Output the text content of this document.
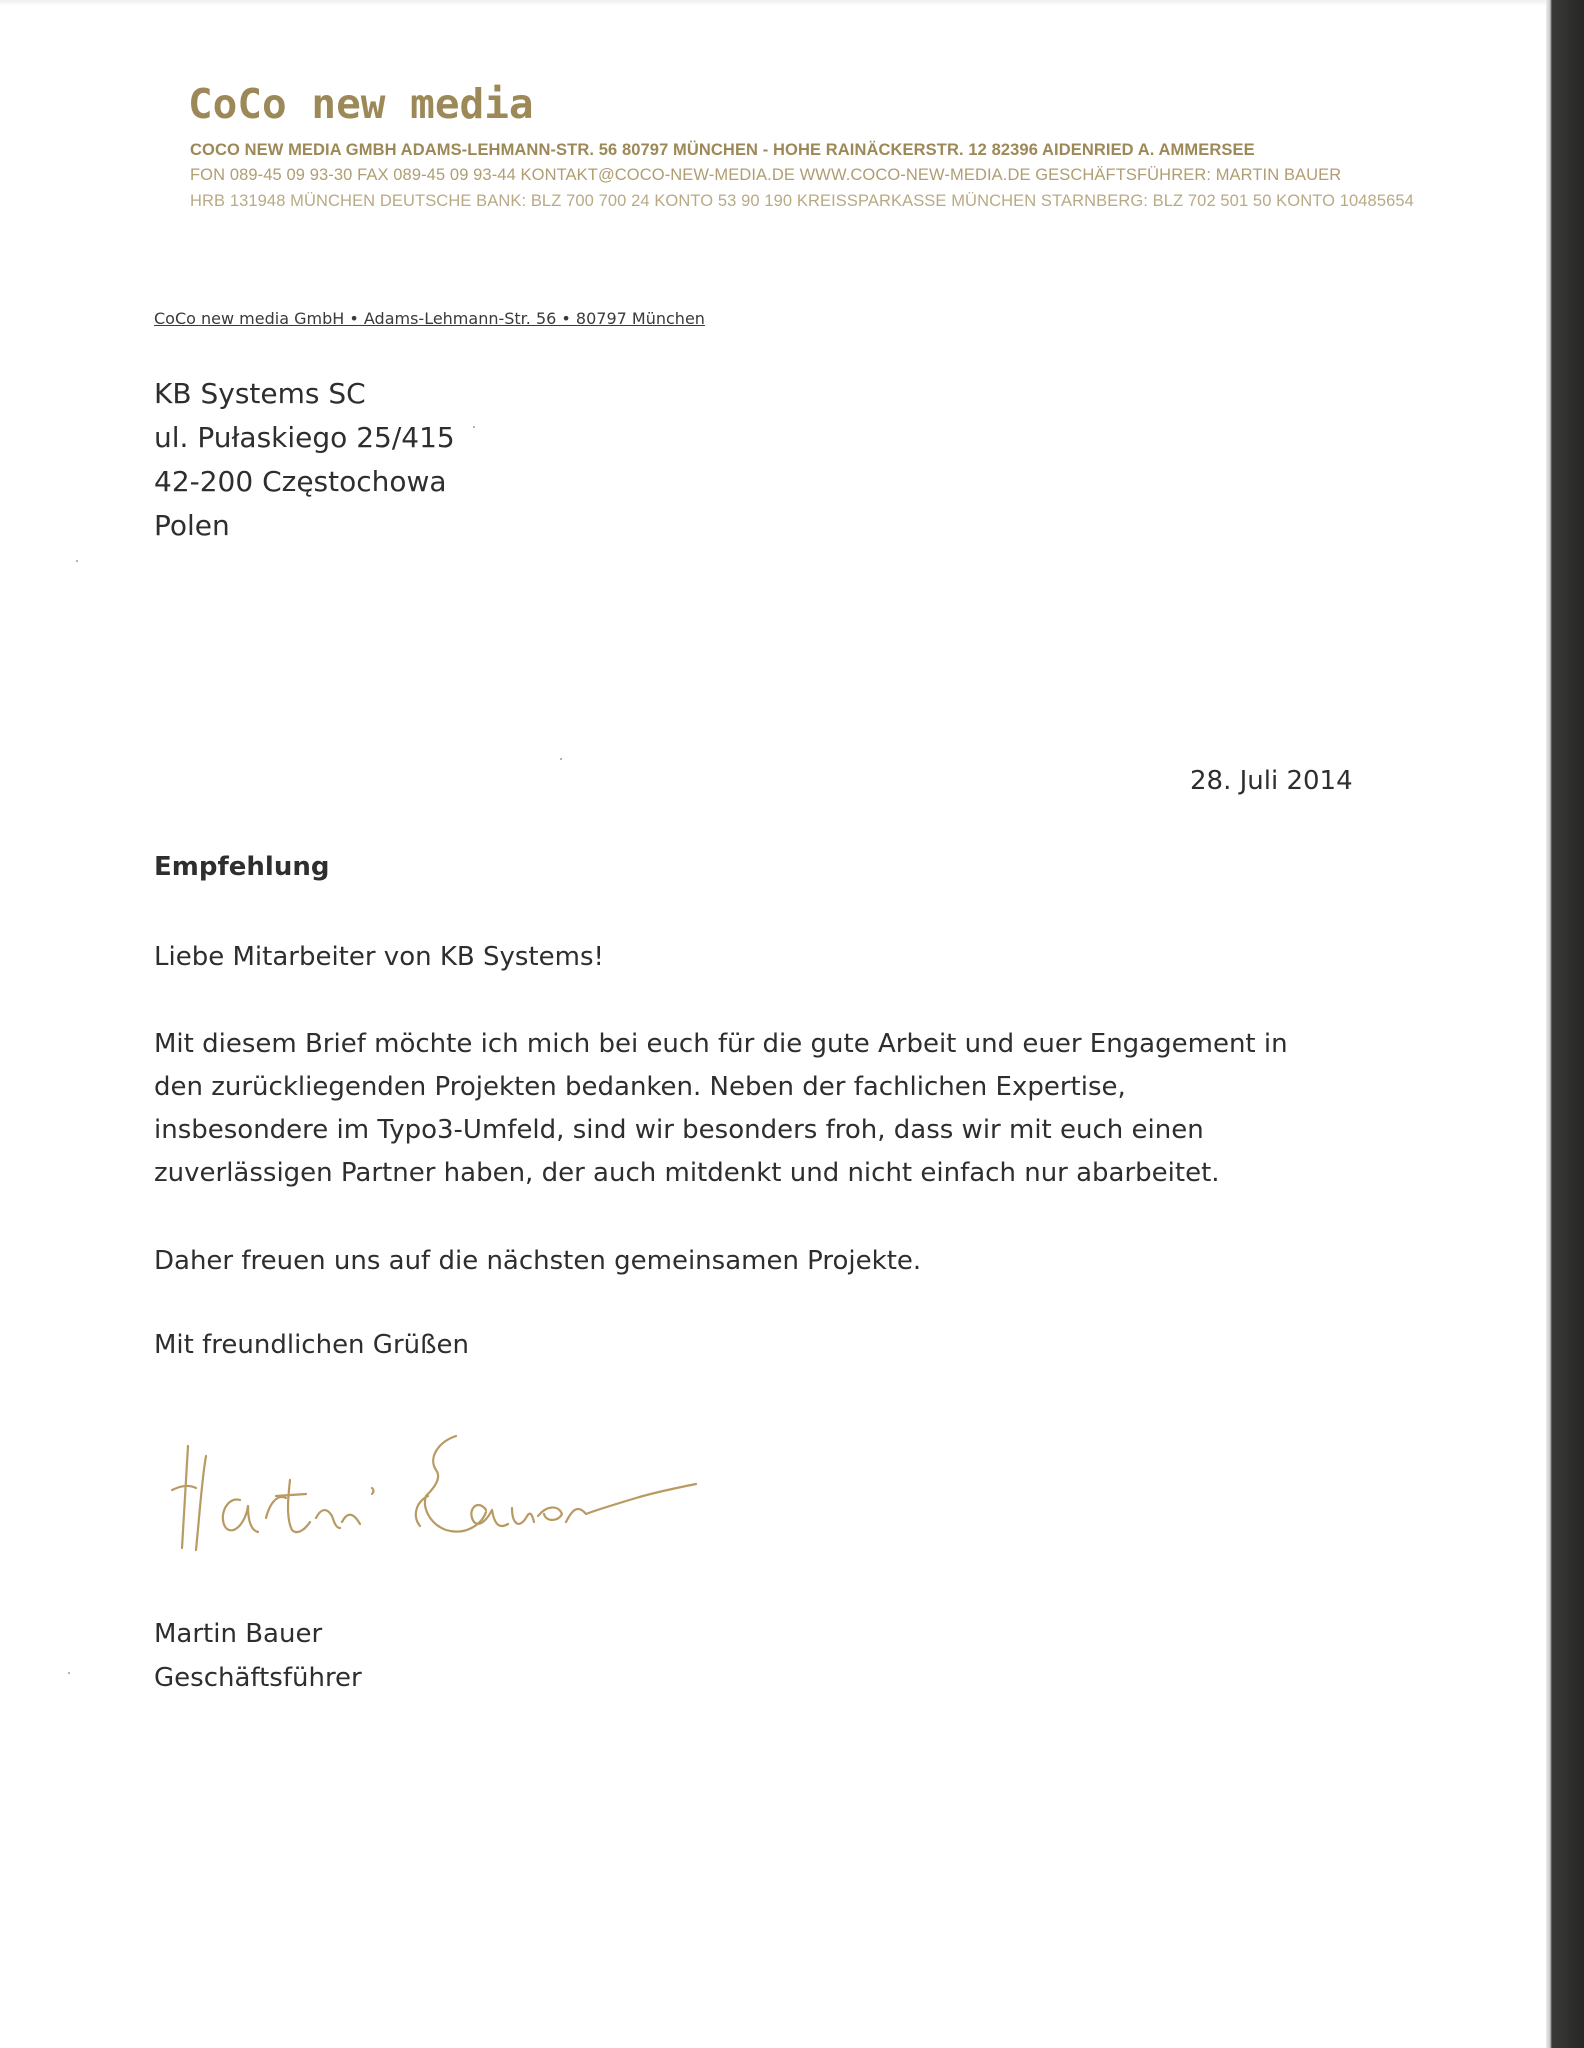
CoCo new media
COCO NEW MEDIA GMBH ADAMS-LEHMANN-STR. 56 80797 MÜNCHEN - HOHE RAINÄCKERSTR. 12 82396 AIDENRIED A. AMMERSEE
FON 089-45 09 93-30 FAX 089-45 09 93-44 KONTAKT@COCO-NEW-MEDIA.DE WWW.COCO-NEW-MEDIA.DE GESCHÄFTSFÜHRER: MARTIN BAUER
HRB 131948 MÜNCHEN DEUTSCHE BANK: BLZ 700 700 24 KONTO 53 90 190 KREISSPARKASSE MÜNCHEN STARNBERG: BLZ 702 501 50 KONTO 10485654
CoCo new media GmbH • Adams-Lehmann-Str. 56 • 80797 München
KB Systems SC
ul. Pułaskiego 25/415
42-200 Częstochowa
Polen
28. Juli 2014
Empfehlung
Liebe Mitarbeiter von KB Systems!
Mit diesem Brief möchte ich mich bei euch für die gute Arbeit und euer Engagement in
den zurückliegenden Projekten bedanken. Neben der fachlichen Expertise,
insbesondere im Typo3-Umfeld, sind wir besonders froh, dass wir mit euch einen
zuverlässigen Partner haben, der auch mitdenkt und nicht einfach nur abarbeitet.
Daher freuen uns auf die nächsten gemeinsamen Projekte.
Mit freundlichen Grüßen
Martin Bauer
Geschäftsführer
